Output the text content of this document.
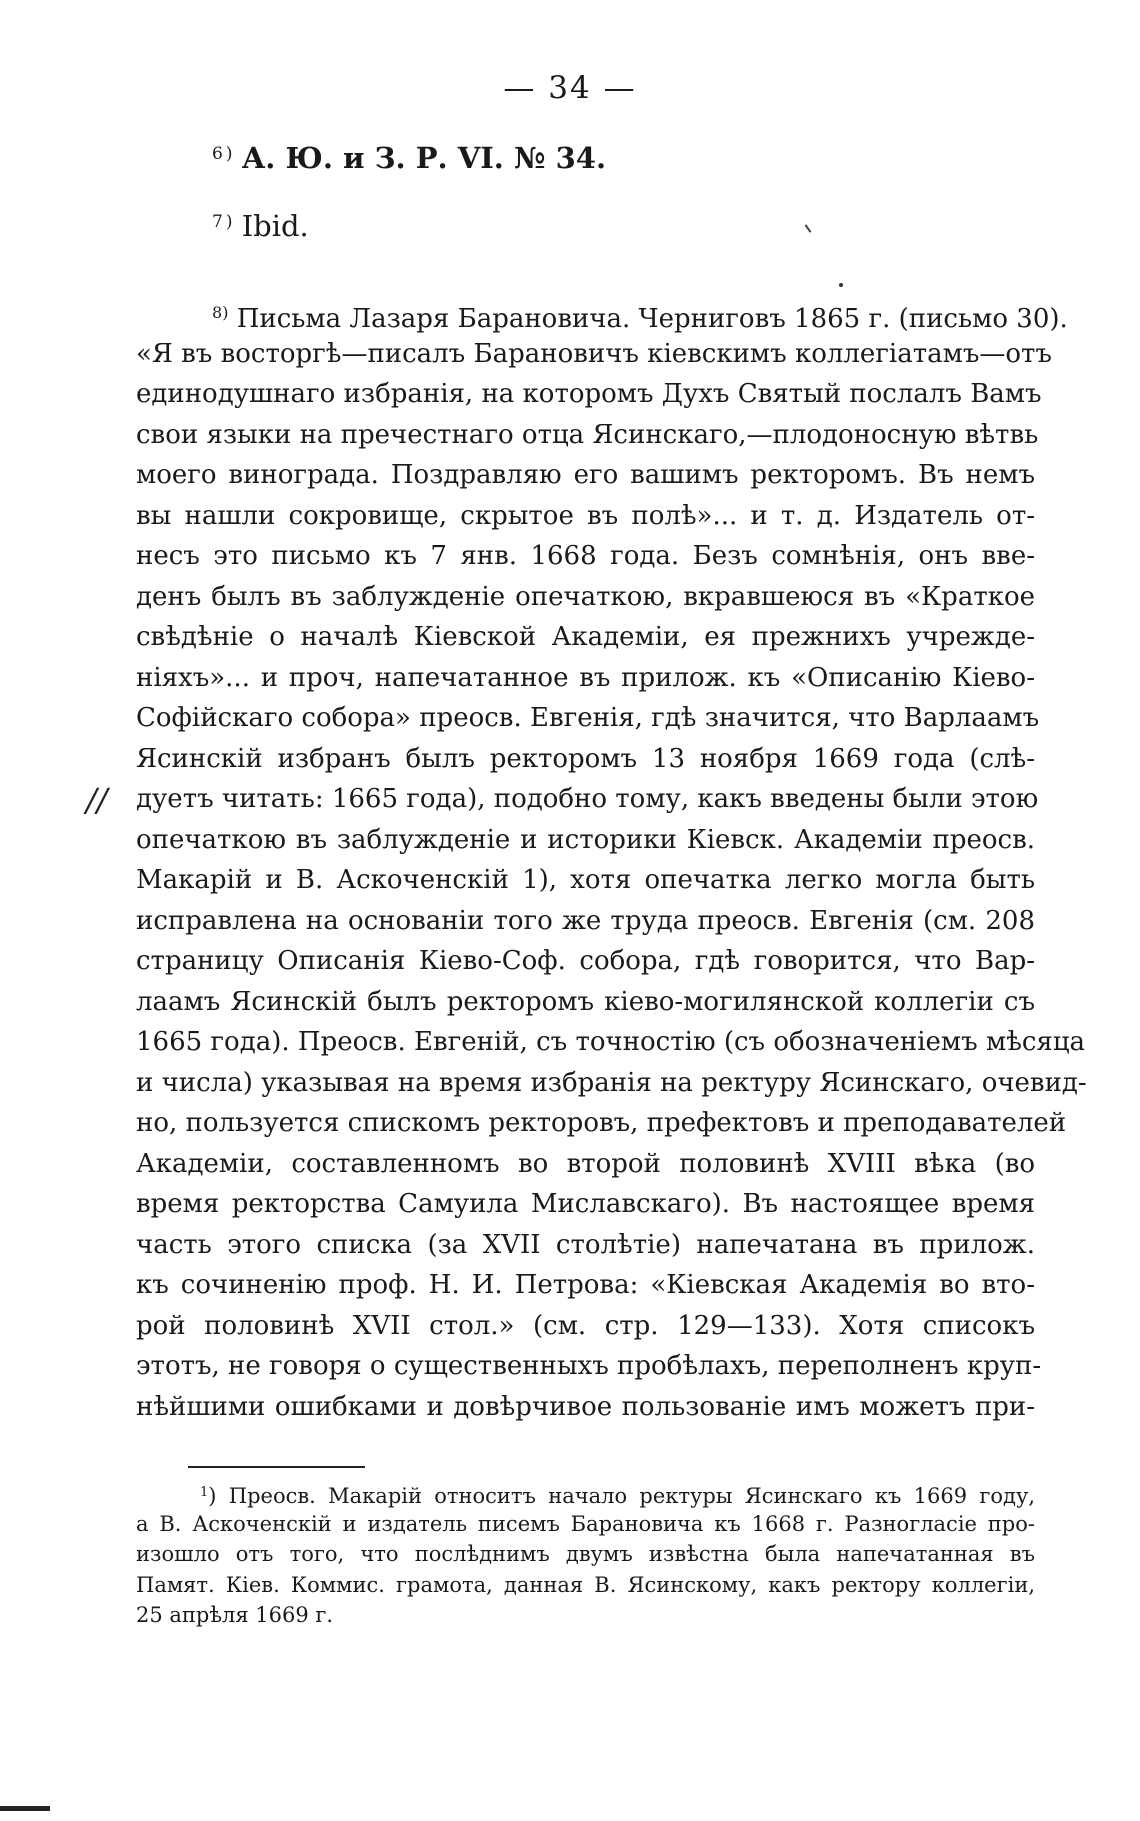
— 34 —
$^6$ ) А. Ю. и З. Р. VI. № 34.
$^7$ ) Ibid.
$^{8)}$ Письма Лазаря Барановича. Черниговъ 1865 г. (письмо 30).
«Я въ восторгѣ—писалъ Барановичъ кіевскимъ коллегіатамъ—отъ
единодушнаго избранія, на которомъ Духъ Святый послалъ Вамъ
свои языки на пречестнаго отца Ясинскаго,—плодоносную вѣтвь
моего винограда. Поздравляю его вашимъ ректоромъ. Въ немъ
вы нашли сокровище, скрытое въ полѣ»... и т. д. Издатель от-
несъ это письмо къ 7 янв. 1668 года. Безъ сомнѣнія, онъ вве-
денъ былъ въ заблужденіе опечаткою, вкравшеюся въ «Краткое
свѣдѣніе о началѣ Кіевской Академіи, ея прежнихъ учрежде-
ніяхъ»... и проч, напечатанное въ прилож. къ «Описанію Кіево-
Софійскаго собора» преосв. Евгенія, гдѣ значится, что Варлаамъ
Ясинскій избранъ былъ ректоромъ 13 ноября 1669 года (слѣ-
дуетъ читать: 1665 года), подобно тому, какъ введены были этою
опечаткою въ заблужденіе и историки Кіевск. Академіи преосв.
Макарій и В. Аскоченскій 1), хотя опечатка легко могла быть
исправлена на основаніи того же труда преосв. Евгенія (см. 208
страницу Описанія Кіево-Соф. собора, гдѣ говорится, что Вар-
лаамъ Ясинскій былъ ректоромъ кіево-могилянской коллегіи съ
1665 года). Преосв. Евгеній, съ точностію (съ обозначеніемъ мѣсяца
и числа) указывая на время избранія на ректуру Ясинскаго, очевид-
но, пользуется спискомъ ректоровъ, префектовъ и преподавателей
Академіи, составленномъ во второй половинѣ XVIII вѣка (во
время ректорства Самуила Миславскаго). Въ настоящее время
часть этого списка (за XVII столѣтіе) напечатана въ прилож.
къ сочиненію проф. Н. И. Петрова: «Кіевская Академія во вто-
рой половинѣ XVII стол.» (см. стр. 129—133). Хотя списокъ
этотъ, не говоря о существенныхъ пробѣлахъ, переполненъ круп-
нѣйшими ошибками и довѣрчивое пользованіе имъ можетъ при-
//
$^1$) Преосв. Макарій относитъ начало ректуры Ясинскаго къ 1669 году,
а В. Аскоченскій и издатель писемъ Барановича къ 1668 г. Разногласіе про-
изошло отъ того, что послѣднимъ двумъ извѣстна была напечатанная въ
Памят. Кіев. Коммис. грамота, данная В. Ясинскому, какъ ректору коллегіи,
25 апрѣля 1669 г.
